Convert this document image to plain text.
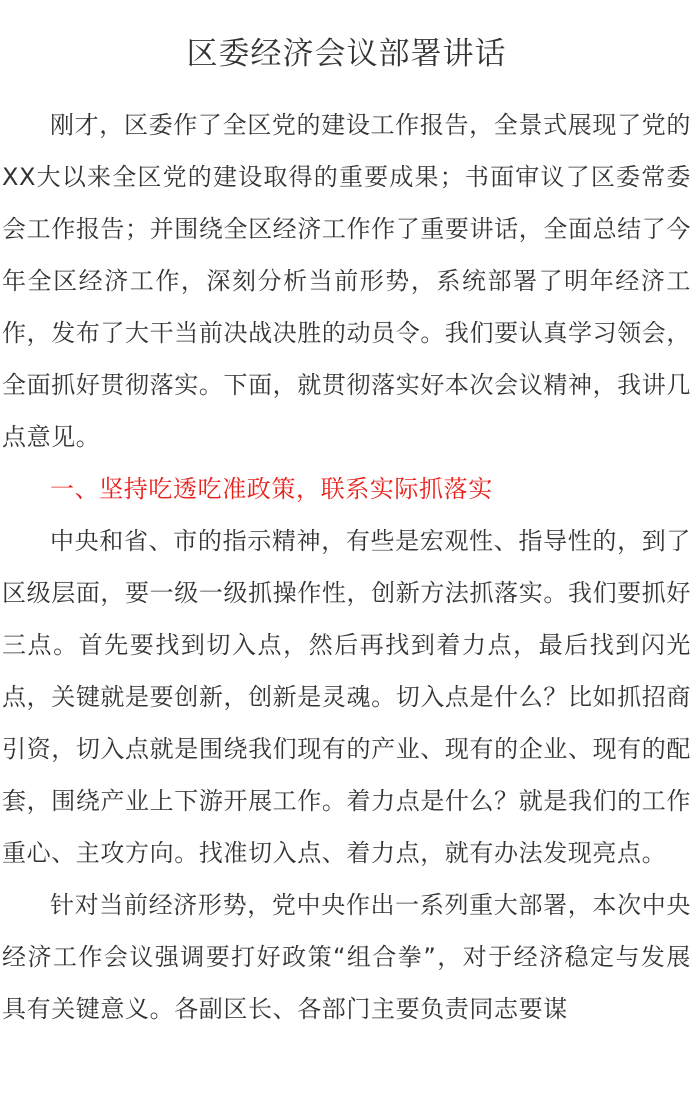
区委经济会议部署讲话

刚才，区委作了全区党的建设工作报告，全景式展现了党的XX大以来全区党的建设取得的重要成果；书面审议了区委常委会工作报告；并围绕全区经济工作作了重要讲话，全面总结了今年全区经济工作，深刻分析当前形势，系统部署了明年经济工作，发布了大干当前决战决胜的动员令。我们要认真学习领会，全面抓好贯彻落实。下面，就贯彻落实好本次会议精神，我讲几点意见。

一、坚持吃透吃准政策，联系实际抓落实

中央和省、市的指示精神，有些是宏观性、指导性的，到了区级层面，要一级一级抓操作性，创新方法抓落实。我们要抓好三点。首先要找到切入点，然后再找到着力点，最后找到闪光点，关键就是要创新，创新是灵魂。切入点是什么？比如抓招商引资，切入点就是围绕我们现有的产业、现有的企业、现有的配套，围绕产业上下游开展工作。着力点是什么？就是我们的工作重心、主攻方向。找准切入点、着力点，就有办法发现亮点。

针对当前经济形势，党中央作出一系列重大部署，本次中央经济工作会议强调要打好政策“组合拳”，对于经济稳定与发展具有关键意义。各副区长、各部门主要负责同志要谋
